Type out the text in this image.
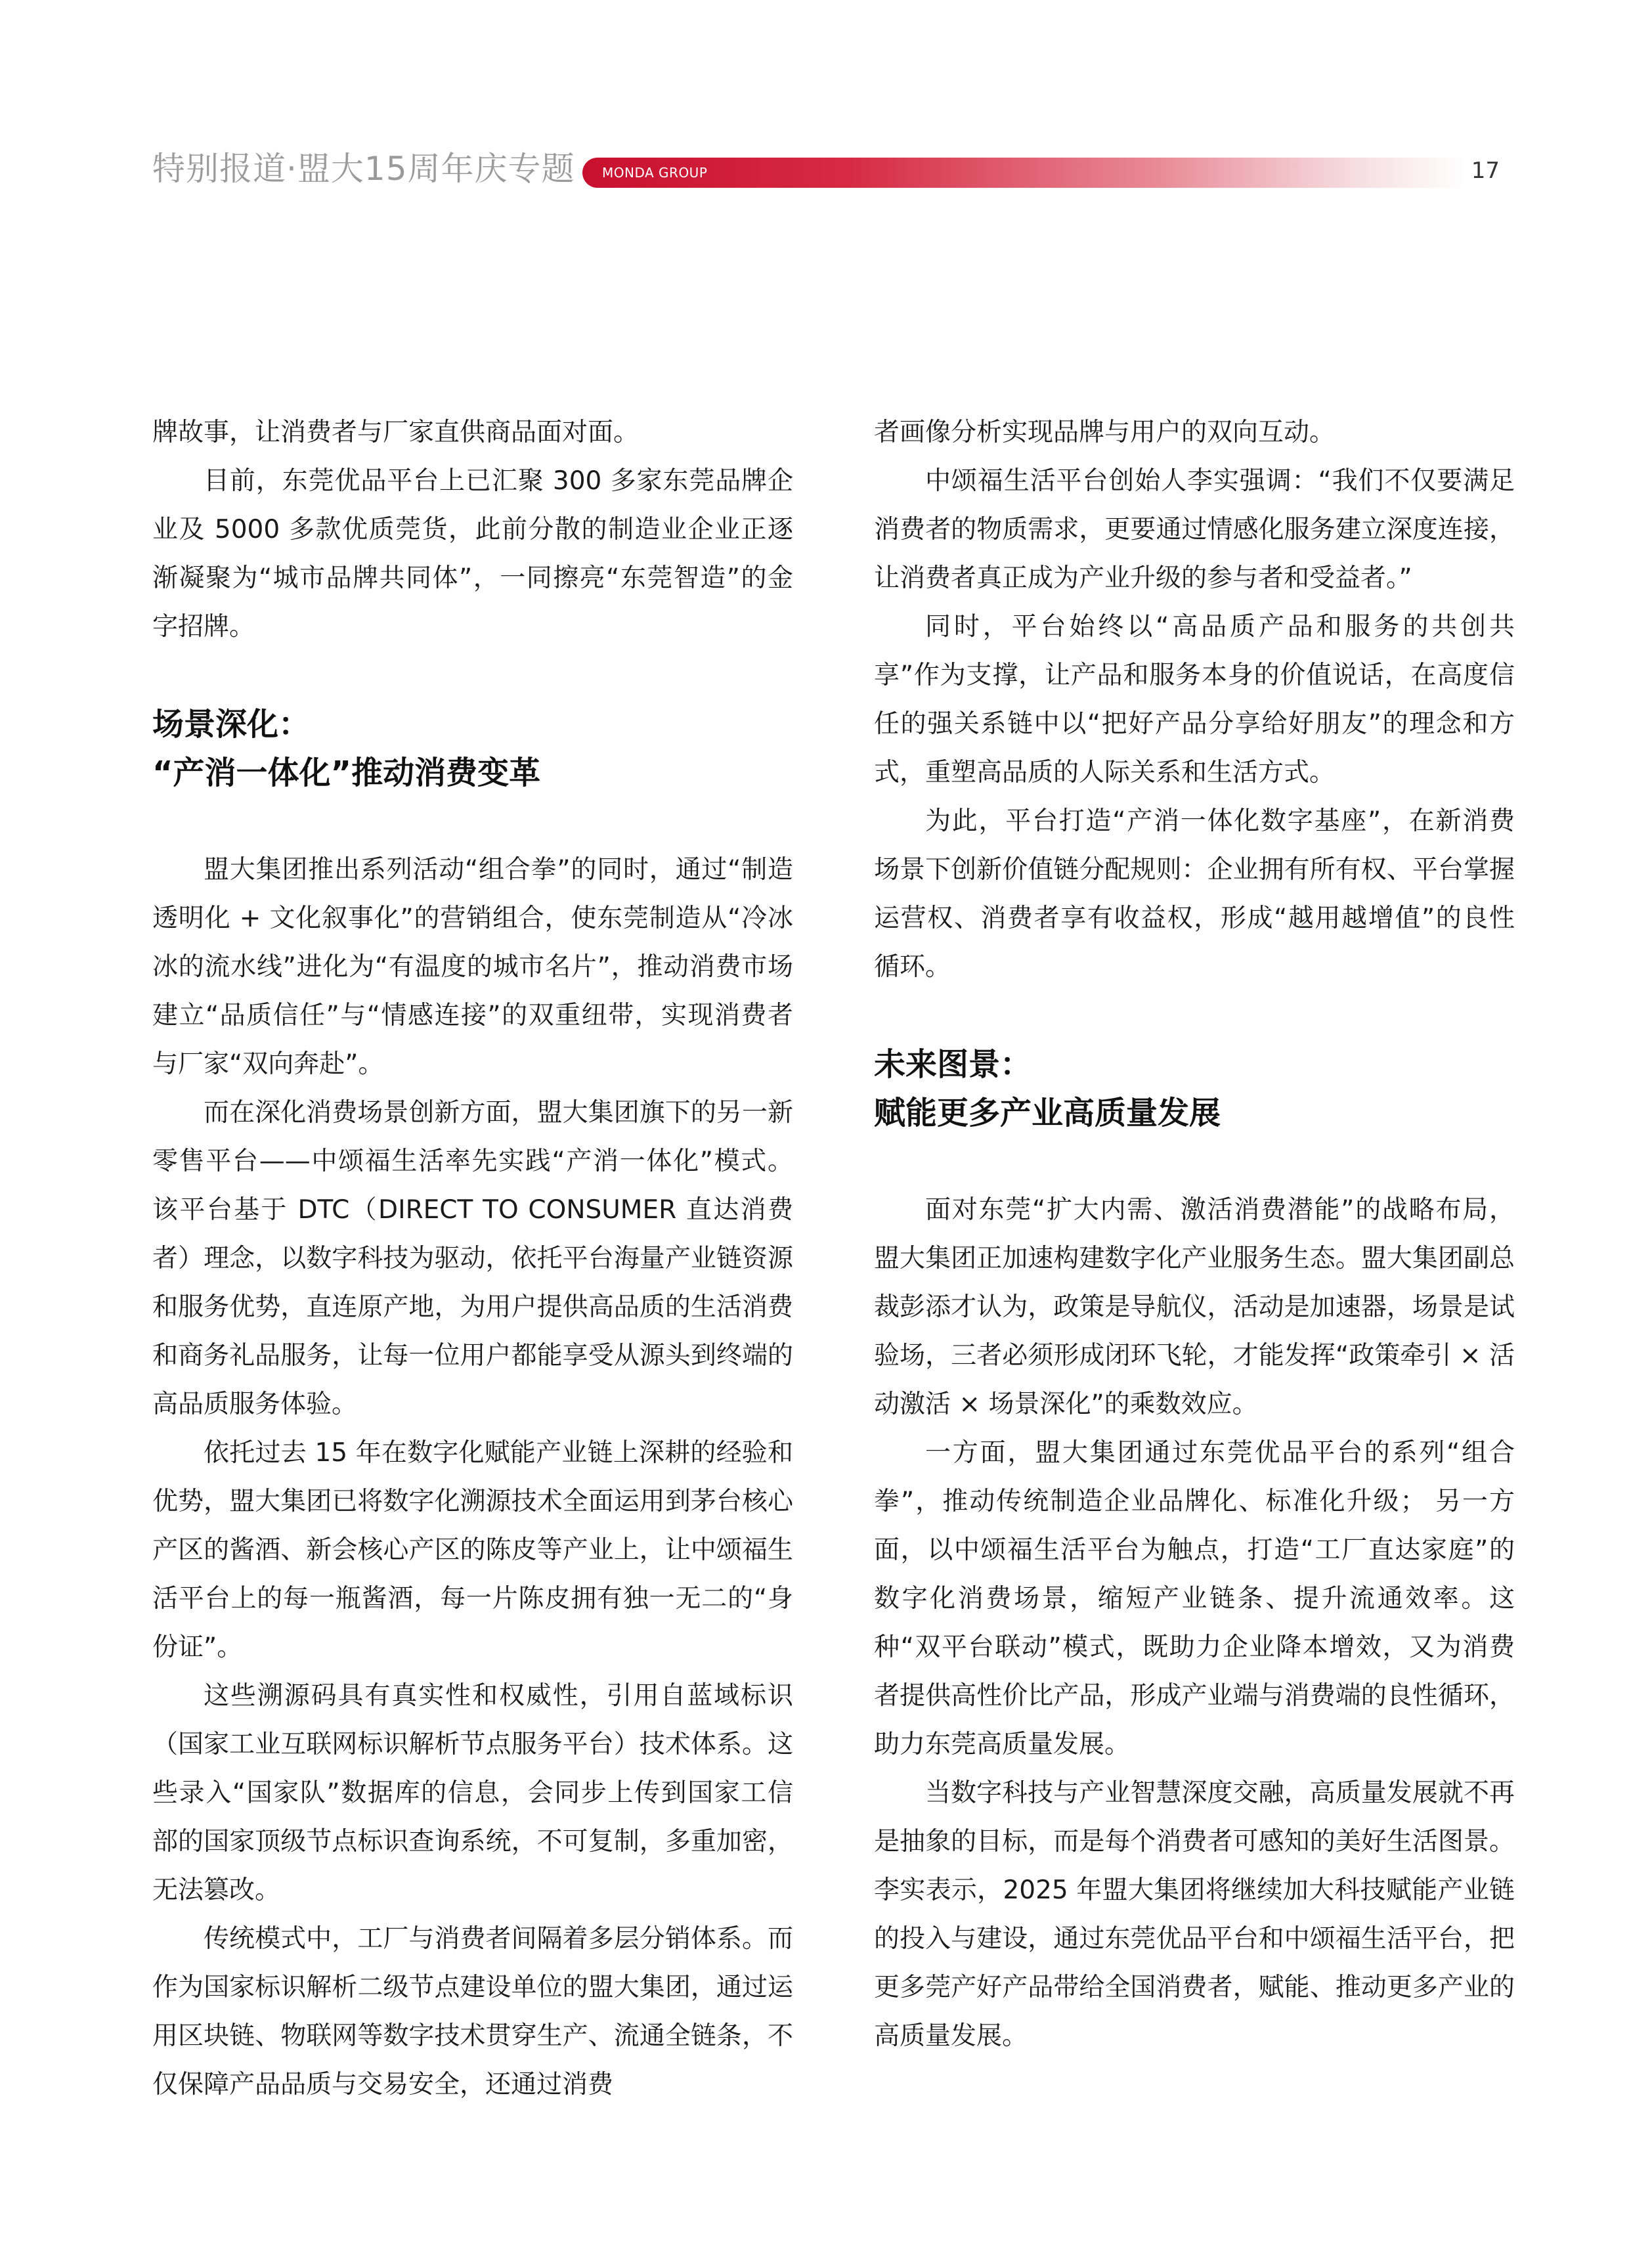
特别报道·盟大15周年庆专题 MONDA GROUP	17

牌故事，让消费者与厂家直供商品面对面。

目前，东莞优品平台上已汇聚 300 多家东莞品牌企业及 5000 多款优质莞货，此前分散的制造业企业正逐渐凝聚为“城市品牌共同体”，一同擦亮“东莞智造”的金字招牌。

场景深化：
“产消一体化”推动消费变革

盟大集团推出系列活动“组合拳”的同时，通过“制造透明化 + 文化叙事化”的营销组合，使东莞制造从“冷冰冰的流水线”进化为“有温度的城市名片”，推动消费市场建立“品质信任”与“情感连接”的双重纽带，实现消费者与厂家“双向奔赴”。

而在深化消费场景创新方面，盟大集团旗下的另一新零售平台——中颂福生活率先实践“产消一体化”模式。该平台基于 DTC（DIRECT TO CONSUMER 直达消费者）理念，以数字科技为驱动，依托平台海量产业链资源和服务优势，直连原产地，为用户提供高品质的生活消费和商务礼品服务，让每一位用户都能享受从源头到终端的高品质服务体验。

依托过去 15 年在数字化赋能产业链上深耕的经验和优势，盟大集团已将数字化溯源技术全面运用到茅台核心产区的酱酒、新会核心产区的陈皮等产业上，让中颂福生活平台上的每一瓶酱酒，每一片陈皮拥有独一无二的“身份证”。

这些溯源码具有真实性和权威性，引用自蓝域标识（国家工业互联网标识解析节点服务平台）技术体系。这些录入“国家队”数据库的信息，会同步上传到国家工信部的国家顶级节点标识查询系统，不可复制，多重加密，无法篡改。

传统模式中，工厂与消费者间隔着多层分销体系。而作为国家标识解析二级节点建设单位的盟大集团，通过运用区块链、物联网等数字技术贯穿生产、流通全链条，不仅保障产品品质与交易安全，还通过消费

者画像分析实现品牌与用户的双向互动。

中颂福生活平台创始人李实强调：“我们不仅要满足消费者的物质需求，更要通过情感化服务建立深度连接，让消费者真正成为产业升级的参与者和受益者。”

同时，平台始终以“高品质产品和服务的共创共享”作为支撑，让产品和服务本身的价值说话，在高度信任的强关系链中以“把好产品分享给好朋友”的理念和方式，重塑高品质的人际关系和生活方式。

为此，平台打造“产消一体化数字基座”，在新消费场景下创新价值链分配规则：企业拥有所有权、平台掌握运营权、消费者享有收益权，形成“越用越增值”的良性循环。

未来图景：
赋能更多产业高质量发展

面对东莞“扩大内需、激活消费潜能”的战略布局，盟大集团正加速构建数字化产业服务生态。盟大集团副总裁彭添才认为，政策是导航仪，活动是加速器，场景是试验场，三者必须形成闭环飞轮，才能发挥“政策牵引 × 活动激活 × 场景深化”的乘数效应。

一方面，盟大集团通过东莞优品平台的系列“组合拳”，推动传统制造企业品牌化、标准化升级； 另一方面，以中颂福生活平台为触点，打造“工厂直达家庭”的数字化消费场景，缩短产业链条、提升流通效率。这种“双平台联动”模式，既助力企业降本增效，又为消费者提供高性价比产品，形成产业端与消费端的良性循环，助力东莞高质量发展。

当数字科技与产业智慧深度交融，高质量发展就不再是抽象的目标，而是每个消费者可感知的美好生活图景。李实表示，2025 年盟大集团将继续加大科技赋能产业链的投入与建设，通过东莞优品平台和中颂福生活平台，把更多莞产好产品带给全国消费者，赋能、推动更多产业的高质量发展。
